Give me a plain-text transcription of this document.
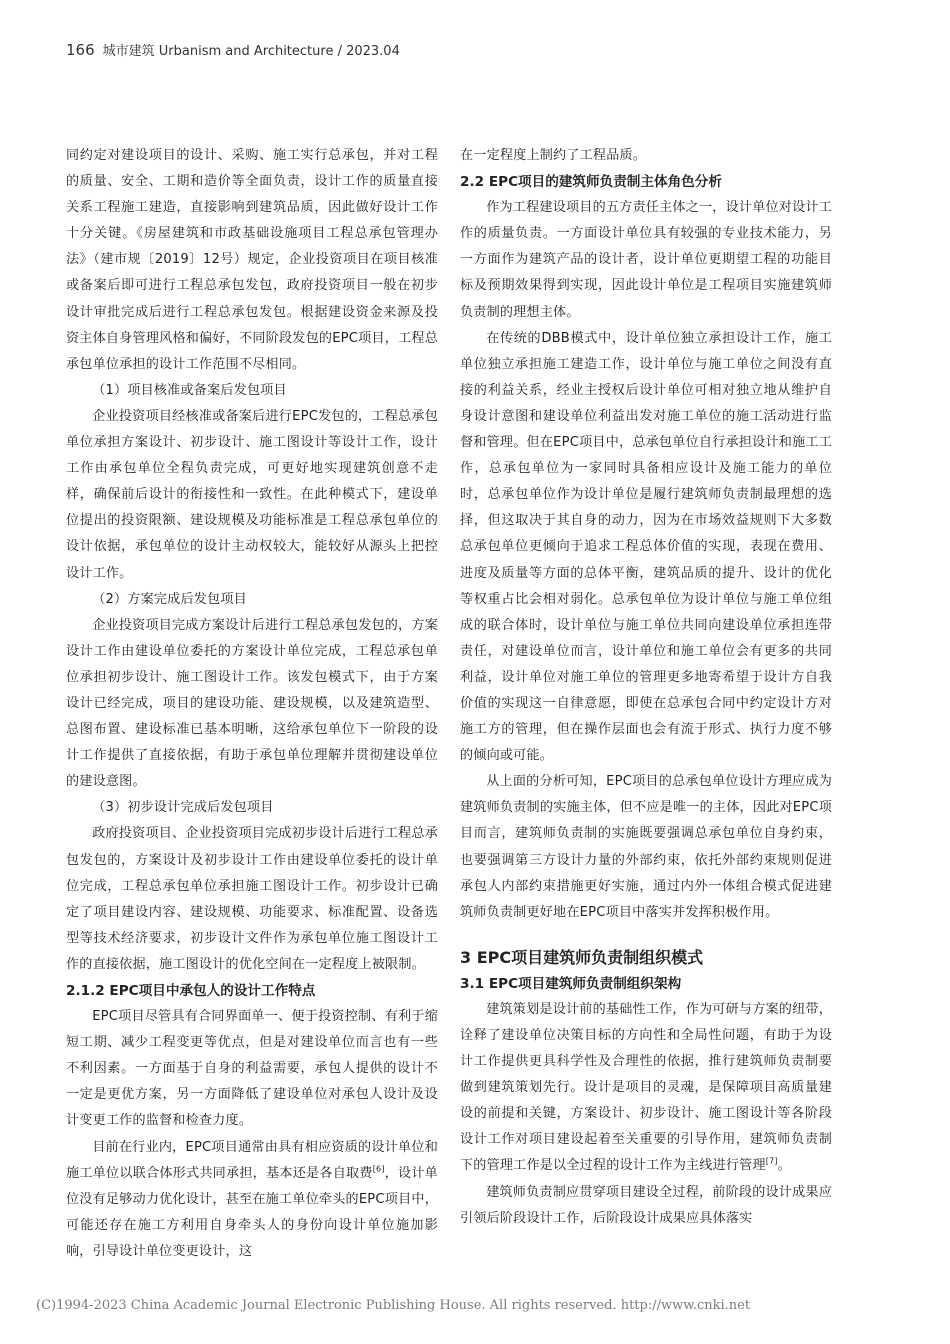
166 城市建筑 Urbanism and Architecture / 2023.04

同约定对建设项目的设计、采购、施工实行总承包，并对工程的质量、安全、工期和造价等全面负责，设计工作的质量直接关系工程施工建造，直接影响到建筑品质，因此做好设计工作十分关键。《房屋建筑和市政基础设施项目工程总承包管理办法》（建市规〔2019〕12号）规定，企业投资项目在项目核准或备案后即可进行工程总承包发包，政府投资项目一般在初步设计审批完成后进行工程总承包发包。根据建设资金来源及投资主体自身管理风格和偏好，不同阶段发包的EPC项目，工程总承包单位承担的设计工作范围不尽相同。

（1）项目核准或备案后发包项目

企业投资项目经核准或备案后进行EPC发包的，工程总承包单位承担方案设计、初步设计、施工图设计等设计工作，设计工作由承包单位全程负责完成，可更好地实现建筑创意不走样，确保前后设计的衔接性和一致性。在此种模式下，建设单位提出的投资限额、建设规模及功能标准是工程总承包单位的设计依据，承包单位的设计主动权较大，能较好从源头上把控设计工作。

（2）方案完成后发包项目

企业投资项目完成方案设计后进行工程总承包发包的，方案设计工作由建设单位委托的方案设计单位完成，工程总承包单位承担初步设计、施工图设计工作。该发包模式下，由于方案设计已经完成，项目的建设功能、建设规模，以及建筑造型、总图布置、建设标准已基本明晰，这给承包单位下一阶段的设计工作提供了直接依据，有助于承包单位理解并贯彻建设单位的建设意图。

（3）初步设计完成后发包项目

政府投资项目、企业投资项目完成初步设计后进行工程总承包发包的，方案设计及初步设计工作由建设单位委托的设计单位完成，工程总承包单位承担施工图设计工作。初步设计已确定了项目建设内容、建设规模、功能要求、标准配置、设备选型等技术经济要求，初步设计文件作为承包单位施工图设计工作的直接依据，施工图设计的优化空间在一定程度上被限制。

2.1.2 EPC项目中承包人的设计工作特点

EPC项目尽管具有合同界面单一、便于投资控制、有利于缩短工期、减少工程变更等优点，但是对建设单位而言也有一些不利因素。一方面基于自身的利益需要，承包人提供的设计不一定是更优方案，另一方面降低了建设单位对承包人设计及设计变更工作的监督和检查力度。

目前在行业内，EPC项目通常由具有相应资质的设计单位和施工单位以联合体形式共同承担，基本还是各自取费[6]，设计单位没有足够动力优化设计，甚至在施工单位牵头的EPC项目中，可能还存在施工方利用自身牵头人的身份向设计单位施加影响，引导设计单位变更设计，这

在一定程度上制约了工程品质。

2.2 EPC项目的建筑师负责制主体角色分析

作为工程建设项目的五方责任主体之一，设计单位对设计工作的质量负责。一方面设计单位具有较强的专业技术能力，另一方面作为建筑产品的设计者，设计单位更期望工程的功能目标及预期效果得到实现，因此设计单位是工程项目实施建筑师负责制的理想主体。

在传统的DBB模式中，设计单位独立承担设计工作，施工单位独立承担施工建造工作，设计单位与施工单位之间没有直接的利益关系，经业主授权后设计单位可相对独立地从维护自身设计意图和建设单位利益出发对施工单位的施工活动进行监督和管理。但在EPC项目中，总承包单位自行承担设计和施工工作，总承包单位为一家同时具备相应设计及施工能力的单位时，总承包单位作为设计单位是履行建筑师负责制最理想的选择，但这取决于其自身的动力，因为在市场效益规则下大多数总承包单位更倾向于追求工程总体价值的实现，表现在费用、进度及质量等方面的总体平衡，建筑品质的提升、设计的优化等权重占比会相对弱化。总承包单位为设计单位与施工单位组成的联合体时，设计单位与施工单位共同向建设单位承担连带责任，对建设单位而言，设计单位和施工单位会有更多的共同利益，设计单位对施工单位的管理更多地寄希望于设计方自我价值的实现这一自律意愿，即使在总承包合同中约定设计方对施工方的管理，但在操作层面也会有流于形式、执行力度不够的倾向或可能。

从上面的分析可知，EPC项目的总承包单位设计方理应成为建筑师负责制的实施主体，但不应是唯一的主体，因此对EPC项目而言，建筑师负责制的实施既要强调总承包单位自身约束，也要强调第三方设计力量的外部约束，依托外部约束规则促进承包人内部约束措施更好实施，通过内外一体组合模式促进建筑师负责制更好地在EPC项目中落实并发挥积极作用。

3 EPC项目建筑师负责制组织模式
3.1 EPC项目建筑师负责制组织架构

建筑策划是设计前的基础性工作，作为可研与方案的纽带，诠释了建设单位决策目标的方向性和全局性问题，有助于为设计工作提供更具科学性及合理性的依据，推行建筑师负责制要做到建筑策划先行。设计是项目的灵魂，是保障项目高质量建设的前提和关键，方案设计、初步设计、施工图设计等各阶段设计工作对项目建设起着至关重要的引导作用，建筑师负责制下的管理工作是以全过程的设计工作为主线进行管理[7]。

建筑师负责制应贯穿项目建设全过程，前阶段的设计成果应引领后阶段设计工作，后阶段设计成果应具体落实

(C)1994-2023 China Academic Journal Electronic Publishing House. All rights reserved. http://www.cnki.net
